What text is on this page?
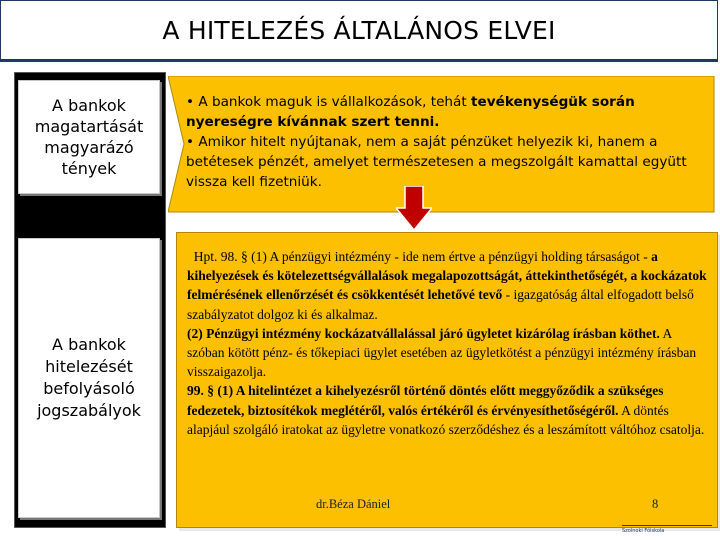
A HITELEZÉS ÁLTALÁNOS ELVEI
A bankok magatartását magyarázó tények
A bankok hitelezését befolyásoló jogszabályok

• A bankok maguk is vállalkozások, tehát tevékenységük során nyereségre kívánnak szert tenni.

• Amikor hitelt nyújtanak, nem a saját pénzüket helyezik ki, hanem a betétesek pénzét, amelyet természetesen a megszolgált kamattal együtt vissza kell fizetniük.

Hpt. 98. § (1) A pénzügyi intézmény - ide nem értve a pénzügyi holding társaságot - a kihelyezések és kötelezettségvállalások megalapozottságát, áttekinthetőségét, a kockázatok felmérésének ellenőrzését és csökkentését lehetővé tevő - igazgatóság által elfogadott belső szabályzatot dolgoz ki és alkalmaz.

(2) Pénzügyi intézmény kockázatvállalással járó ügyletet kizárólag írásban köthet. A szóban kötött pénz- és tőkepiaci ügylet esetében az ügyletkötést a pénzügyi intézmény írásban visszaigazolja.

99. § (1) A hitelintézet a kihelyezésről történő döntés előtt meggyőződik a szükséges fedezetek, biztosítékok meglétéről, valós értékéről és érvényesíthetőségéről. A döntés alapjául szolgáló iratokat az ügyletre vonatkozó szerződéshez és a leszámított váltóhoz csatolja.

dr.Béza Dániel	8
Szolnoki Főiskola
